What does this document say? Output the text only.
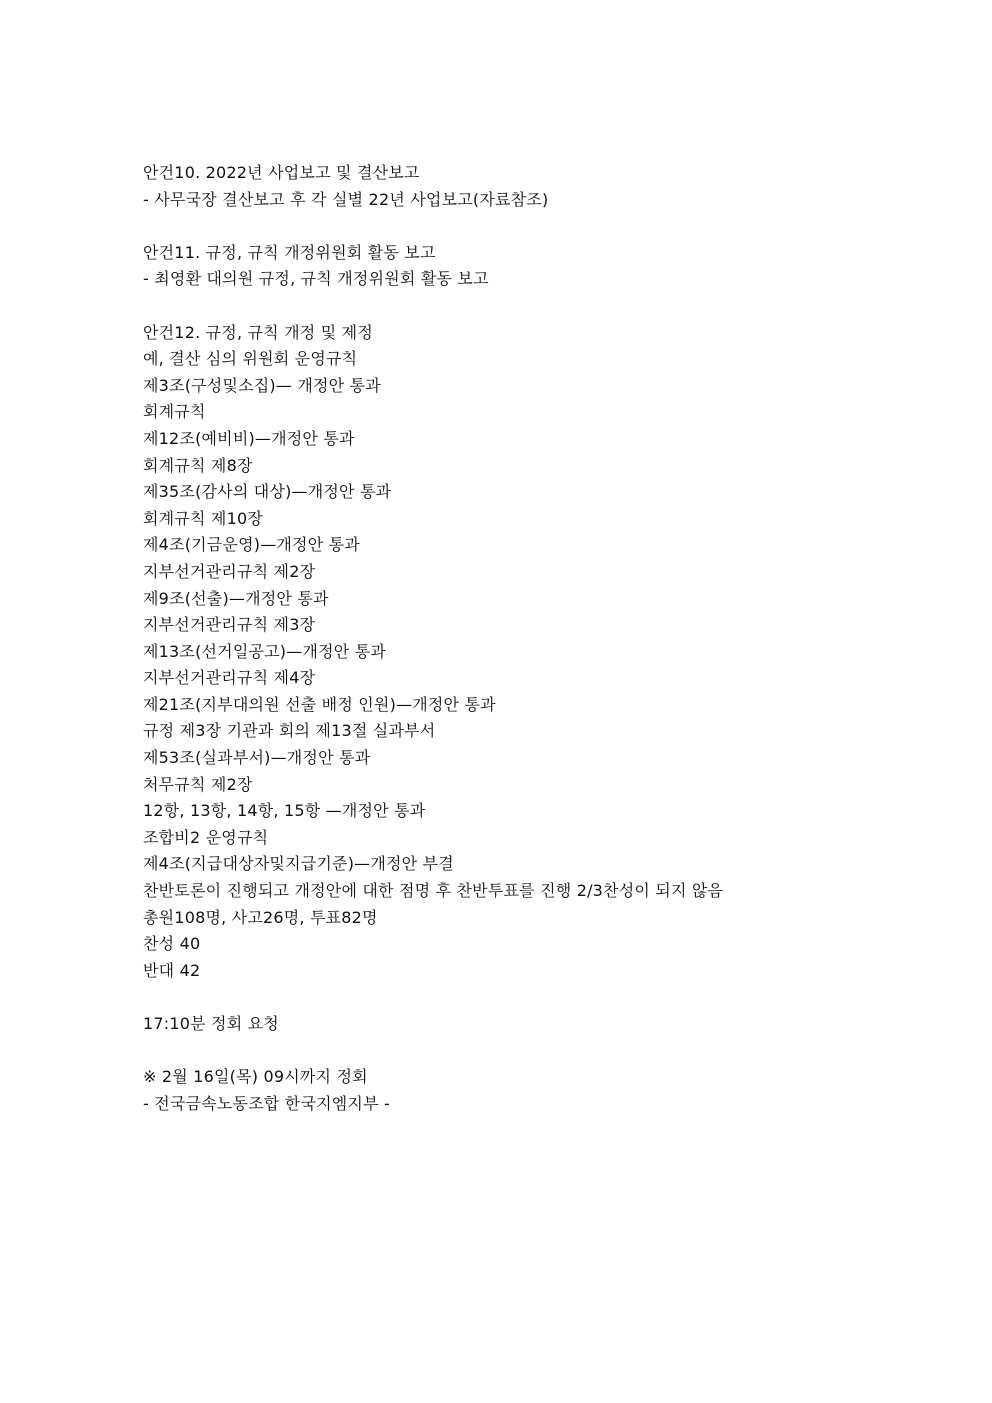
안건10. 2022년 사업보고 및 결산보고
- 사무국장 결산보고 후 각 실별 22년 사업보고(자료참조)
안건11. 규정, 규칙 개정위원회 활동 보고
- 최영환 대의원 규정, 규칙 개정위원회 활동 보고
안건12. 규정, 규칙 개정 및 제정
예, 결산 심의 위원회 운영규칙
제3조(구성및소집)— 개정안 통과
회계규칙
제12조(예비비)—개정안 통과
회계규칙 제8장
제35조(감사의 대상)—개정안 통과
회계규칙 제10장
제4조(기금운영)—개정안 통과
지부선거관리규칙 제2장
제9조(선출)—개정안 통과
지부선거관리규칙 제3장
제13조(선거일공고)—개정안 통과
지부선거관리규칙 제4장
제21조(지부대의원 선출 배정 인원)—개정안 통과
규정 제3장 기관과 회의 제13절 실과부서
제53조(실과부서)—개정안 통과
처무규칙 제2장
12항, 13항, 14항, 15항 —개정안 통과
조합비2 운영규칙
제4조(지급대상자및지급기준)—개정안 부결
찬반토론이 진행되고 개정안에 대한 점명 후 찬반투표를 진행 2/3찬성이 되지 않음
총원108명, 사고26명, 투표82명
찬성 40
반대 42
17:10분 정회 요청
※ 2월 16일(목) 09시까지 정회
- 전국금속노동조합 한국지엠지부 -
